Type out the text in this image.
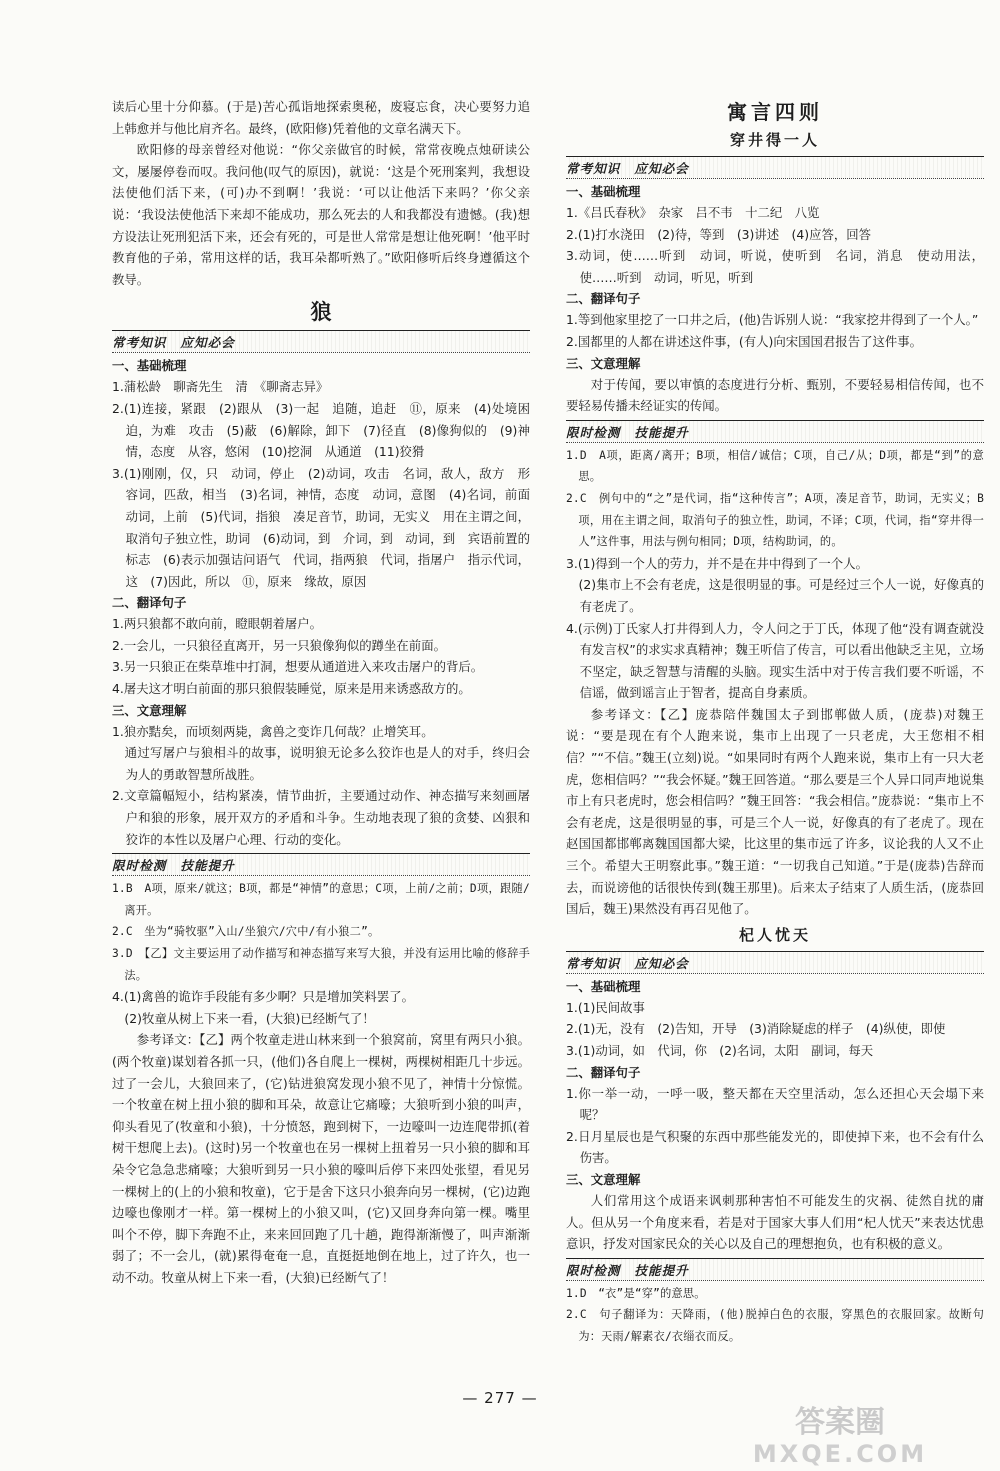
读后心里十分仰慕。(于是)苦心孤诣地探索奥秘，废寝忘食，决心要努力追上韩愈并与他比肩齐名。最终，(欧阳修)凭着他的文章名满天下。
欧阳修的母亲曾经对他说：“你父亲做官的时候，常常夜晚点烛研读公文，屡屡停卷而叹。我问他(叹气的原因)，就说：‘这是个死刑案判，我想设法使他们活下来，(可)办不到啊！’我说：‘可以让他活下来吗？’你父亲说：‘我设法使他活下来却不能成功，那么死去的人和我都没有遗憾。(我)想方设法让死刑犯活下来，还会有死的，可是世人常常是想让他死啊！’他平时教育他的子弟，常用这样的话，我耳朵都听熟了。”欧阳修听后终身遵循这个教导。
狼
常考知识 应知必会
一、基础梳理
1.蒲松龄　聊斋先生　清　《聊斋志异》
2.(1)连接，紧跟　(2)跟从　(3)一起　追随，追赶　⑪，原来　(4)处境困迫，为难　攻击　(5)蔽　(6)解除，卸下　(7)径直　(8)像狗似的　(9)神情，态度　从容，悠闲　(10)挖洞　从通道　(11)狡猾
3.(1)刚刚，仅，只　动词，停止　(2)动词，攻击　名词，敌人，敌方　形容词，匹敌，相当　(3)名词，神情，态度　动词，意图　(4)名词，前面　动词，上前　(5)代词，指狼　凑足音节，助词，无实义　用在主谓之间，取消句子独立性，助词　(6)动词，到　介词，到　动词，到　宾语前置的标志　(6)表示加强诘问语气　代词，指两狼　代词，指屠户　指示代词，这　(7)因此，所以　⑪，原来　缘故，原因
二、翻译句子
1.两只狼都不敢向前，瞪眼朝着屠户。
2.一会儿，一只狼径直离开，另一只狼像狗似的蹲坐在前面。
3.另一只狼正在柴草堆中打洞，想要从通道进入来攻击屠户的背后。
4.屠夫这才明白前面的那只狼假装睡觉，原来是用来诱惑敌方的。
三、文意理解
1.狼亦黠矣，而顷刻两毙，禽兽之变诈几何哉？止增笑耳。
　通过写屠户与狼相斗的故事，说明狼无论多么狡诈也是人的对手，终归会为人的勇敢智慧所战胜。
2.文章篇幅短小，结构紧凑，情节曲折，主要通过动作、神态描写来刻画屠户和狼的形象，展开双方的矛盾和斗争。生动地表现了狼的贪婪、凶狠和狡诈的本性以及屠户心理、行动的变化。
限时检测 技能提升
1.B　A项，原来/就这；B项，都是“神情”的意思；C项，上前/之前；D项，跟随/离开。
2.C　坐为“骑牧驱”入山/坐狼穴/穴中/有小狼二”。
3.D　【乙】文主要运用了动作描写和神态描写来写大狼，并没有运用比喻的修辞手法。
4.(1)禽兽的诡诈手段能有多少啊？只是增加笑料罢了。
　(2)牧童从树上下来一看，(大狼)已经断气了！
参考译文：【乙】两个牧童走进山林来到一个狼窝前，窝里有两只小狼。(两个牧童)谋划着各抓一只，(他们)各自爬上一棵树，两棵树相距几十步远。过了一会儿，大狼回来了，(它)钻进狼窝发现小狼不见了，神情十分惊慌。一个牧童在树上扭小狼的脚和耳朵，故意让它痛嚎；大狼听到小狼的叫声，仰头看见了(牧童和小狼)，十分愤怒，跑到树下，一边嚎叫一边连爬带抓(着树干想爬上去)。(这时)另一个牧童也在另一棵树上扭着另一只小狼的脚和耳朵令它急急悲痛嚎；大狼听到另一只小狼的嚎叫后停下来四处张望，看见另一棵树上的(上的小狼和牧童)，它于是舍下这只小狼奔向另一棵树，(它)边跑边嚎也像刚才一样。第一棵树上的小狼又叫，(它)又回身奔向第一棵。嘴里叫个不停，脚下奔跑不止，来来回回跑了几十趟，跑得渐渐慢了，叫声渐渐弱了；不一会儿，(就)累得奄奄一息，直挺挺地倒在地上，过了许久，也一动不动。牧童从树上下来一看，(大狼)已经断气了！
寓言四则
穿井得一人
常考知识 应知必会
一、基础梳理
1.《吕氏春秋》　杂家　吕不韦　十二纪　八览
2.(1)打水浇田　(2)待，等到　(3)讲述　(4)应答，回答
3.动词，使……听到　动词，听说，使听到　名词，消息　使动用法，使……听到　动词，听见，听到
二、翻译句子
1.等到他家里挖了一口井之后，(他)告诉别人说：“我家挖井得到了一个人。”
2.国都里的人都在讲述这件事，(有人)向宋国国君报告了这件事。
三、文意理解
对于传闻，要以审慎的态度进行分析、甄别，不要轻易相信传闻，也不要轻易传播未经证实的传闻。
限时检测 技能提升
1.D　A项，距离/离开；B项，相信/诚信；C项，自己/从；D项，都是“到”的意思。
2.C　例句中的“之”是代词，指“这种传言”；A项，凑足音节，助词，无实义；B项，用在主谓之间，取消句子的独立性，助词，不译；C项，代词，指“穿井得一人”这件事，用法与例句相同；D项，结构助词，的。
3.(1)得到一个人的劳力，并不是在井中得到了一个人。
　(2)集市上不会有老虎，这是很明显的事。可是经过三个人一说，好像真的有老虎了。
4.(示例)丁氏家人打井得到人力，令人问之于丁氏，体现了他“没有调查就没有发言权”的求实求真精神；魏王听信了传言，可以看出他缺乏主见，立场不坚定，缺乏智慧与清醒的头脑。现实生活中对于传言我们要不听谣，不信谣，做到谣言止于智者，提高自身素质。
参考译文：【乙】庞恭陪伴魏国太子到邯郸做人质，(庞恭)对魏王说：“要是现在有个人跑来说，集市上出现了一只老虎，大王您相不相信？”“不信。”魏王(立刻)说。“如果同时有两个人跑来说，集市上有一只大老虎，您相信吗？”“我会怀疑。”魏王回答道。“那么要是三个人异口同声地说集市上有只老虎时，您会相信吗？”魏王回答：“我会相信。”庞恭说：“集市上不会有老虎，这是很明显的事，可是三个人一说，好像真的有了老虎了。现在赵国国都邯郸离魏国国都大梁，比这里的集市远了许多，议论我的人又不止三个。希望大王明察此事。”魏王道：“一切我自己知道。”于是(庞恭)告辞而去，而说谤他的话很快传到(魏王那里)。后来太子结束了人质生活，(庞恭回国后，魏王)果然没有再召见他了。
杞人忧天
常考知识 应知必会
一、基础梳理
1.(1)民间故事
2.(1)无，没有　(2)告知，开导　(3)消除疑虑的样子　(4)纵使，即使
3.(1)动词，如　代词，你　(2)名词，太阳　副词，每天
二、翻译句子
1.你一举一动，一呼一吸，整天都在天空里活动，怎么还担心天会塌下来呢？
2.日月星辰也是气积聚的东西中那些能发光的，即使掉下来，也不会有什么伤害。
三、文意理解
人们常用这个成语来讽刺那种害怕不可能发生的灾祸、徒然自扰的庸人。但从另一个角度来看，若是对于国家大事人们用“杞人忧天”来表达忧患意识，抒发对国家民众的关心以及自己的理想抱负，也有积极的意义。
限时检测 技能提升
1.D　“衣”是“穿”的意思。
2.C　句子翻译为：天降雨，(他)脱掉白色的衣服，穿黑色的衣服回家。故断句为：天雨/解素衣/衣缁衣而反。
— 277 —
答案圈
MXQE.COM
